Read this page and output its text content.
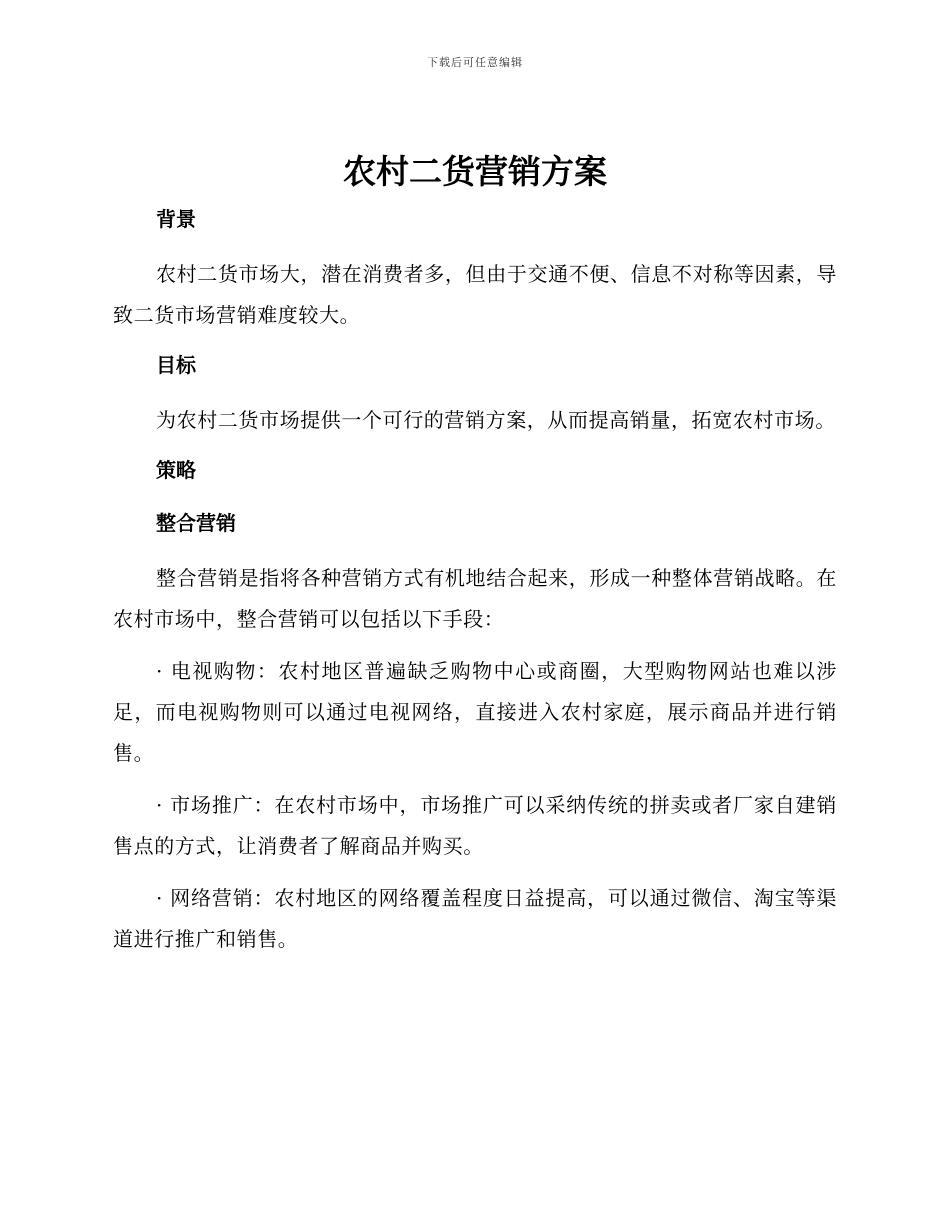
下载后可任意编辑
农村二货营销方案
背景

农村二货市场大，潜在消费者多，但由于交通不便、信息不对称等因素，导致二货市场营销难度较大。

目标

为农村二货市场提供一个可行的营销方案，从而提高销量，拓宽农村市场。

策略
整合营销

整合营销是指将各种营销方式有机地结合起来，形成一种整体营销战略。在农村市场中，整合营销可以包括以下手段：

· 电视购物：农村地区普遍缺乏购物中心或商圈，大型购物网站也难以涉足，而电视购物则可以通过电视网络，直接进入农村家庭，展示商品并进行销售。

· 市场推广：在农村市场中，市场推广可以采纳传统的拼卖或者厂家自建销售点的方式，让消费者了解商品并购买。

· 网络营销：农村地区的网络覆盖程度日益提高，可以通过微信、淘宝等渠道进行推广和销售。
